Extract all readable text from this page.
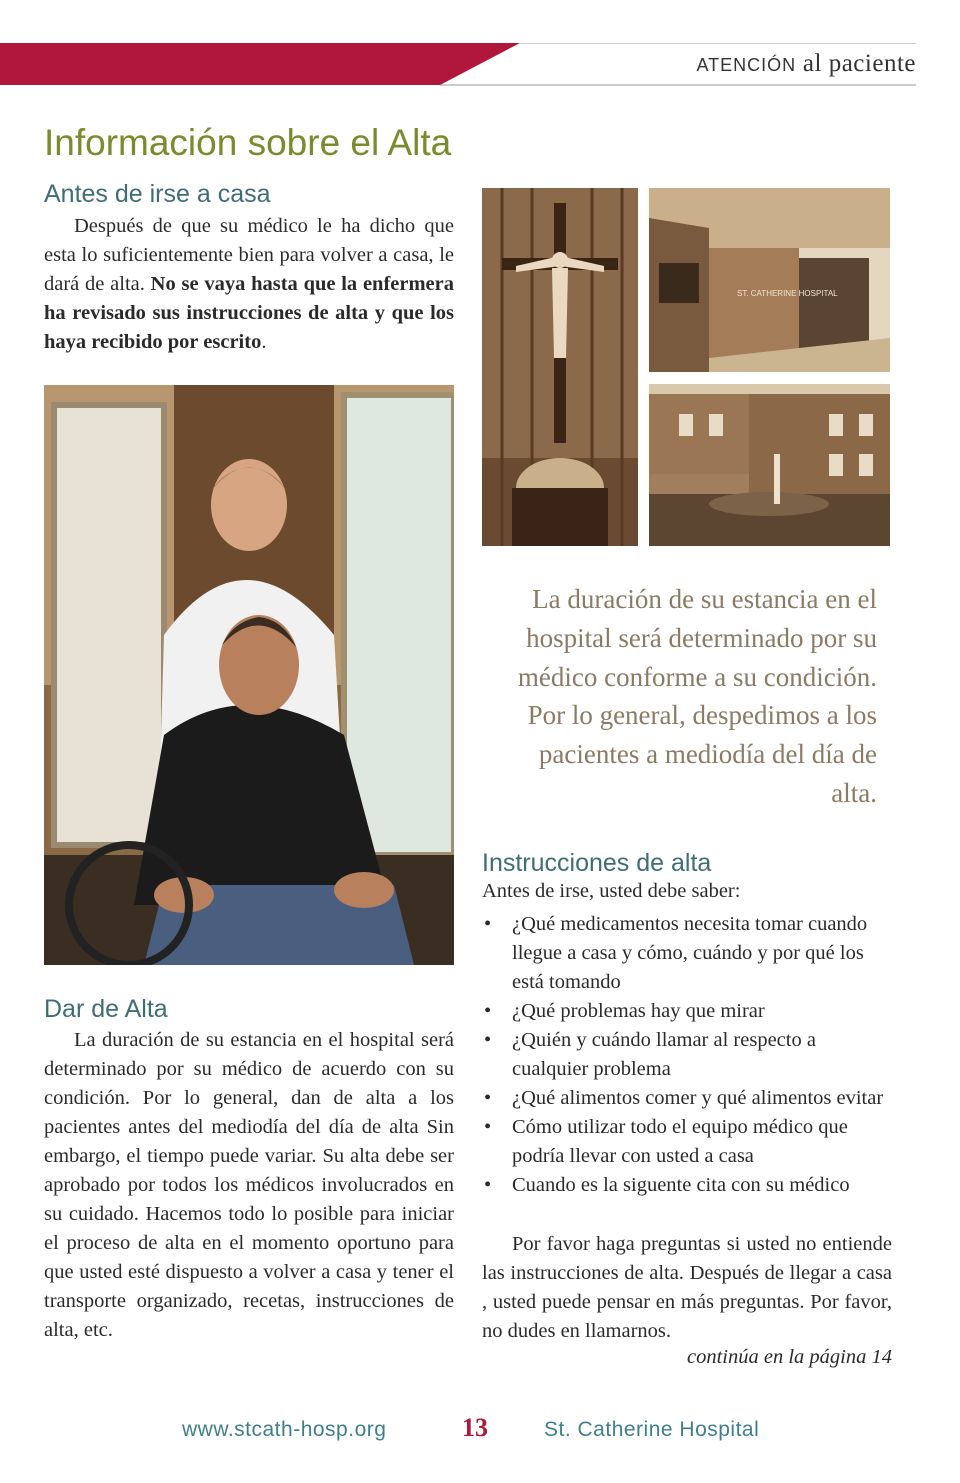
ATENCIÓN al paciente
Información sobre el Alta
Antes de irse a casa

Después de que su médico le ha dicho que esta lo suficientemente bien para volver a casa, le dará de alta. No se vaya hasta que la enfermera ha revisado sus instrucciones de alta y que los haya recibido por escrito.

Dar de Alta

La duración de su estancia en el hospital será determinado por su médico de acuerdo con su condición. Por lo general, dan de alta a los pacientes antes del mediodía del día de alta Sin embargo, el tiempo puede variar. Su alta debe ser aprobado por todos los médicos involucrados en su cuidado. Hacemos todo lo posible para iniciar el proceso de alta en el momento oportuno para que usted esté dispuesto a volver a casa y tener el transporte organizado, recetas, instrucciones de alta, etc.

ST. CATHERINE HOSPITAL
La duración de su estancia en el hospital será determinado por su médico conforme a su condición. Por lo general, despedimos a los pacientes a mediodía del día de alta.
Instrucciones de alta
Antes de irse, usted debe saber:
• ¿Qué medicamentos necesita tomar cuando llegue a casa y cómo, cuándo y por qué los está tomando
• ¿Qué problemas hay que mirar
• ¿Quién y cuándo llamar al respecto a cualquier problema
• ¿Qué alimentos comer y qué alimentos evitar
• Cómo utilizar todo el equipo médico que podría llevar con usted a casa
• Cuando es la siguente cita con su médico

Por favor haga preguntas si usted no entiende las instrucciones de alta. Después de llegar a casa , usted puede pensar en más preguntas. Por favor, no dudes en llamarnos.

continúa en la página 14
www.stcath-hosp.org	13	St. Catherine Hospital
